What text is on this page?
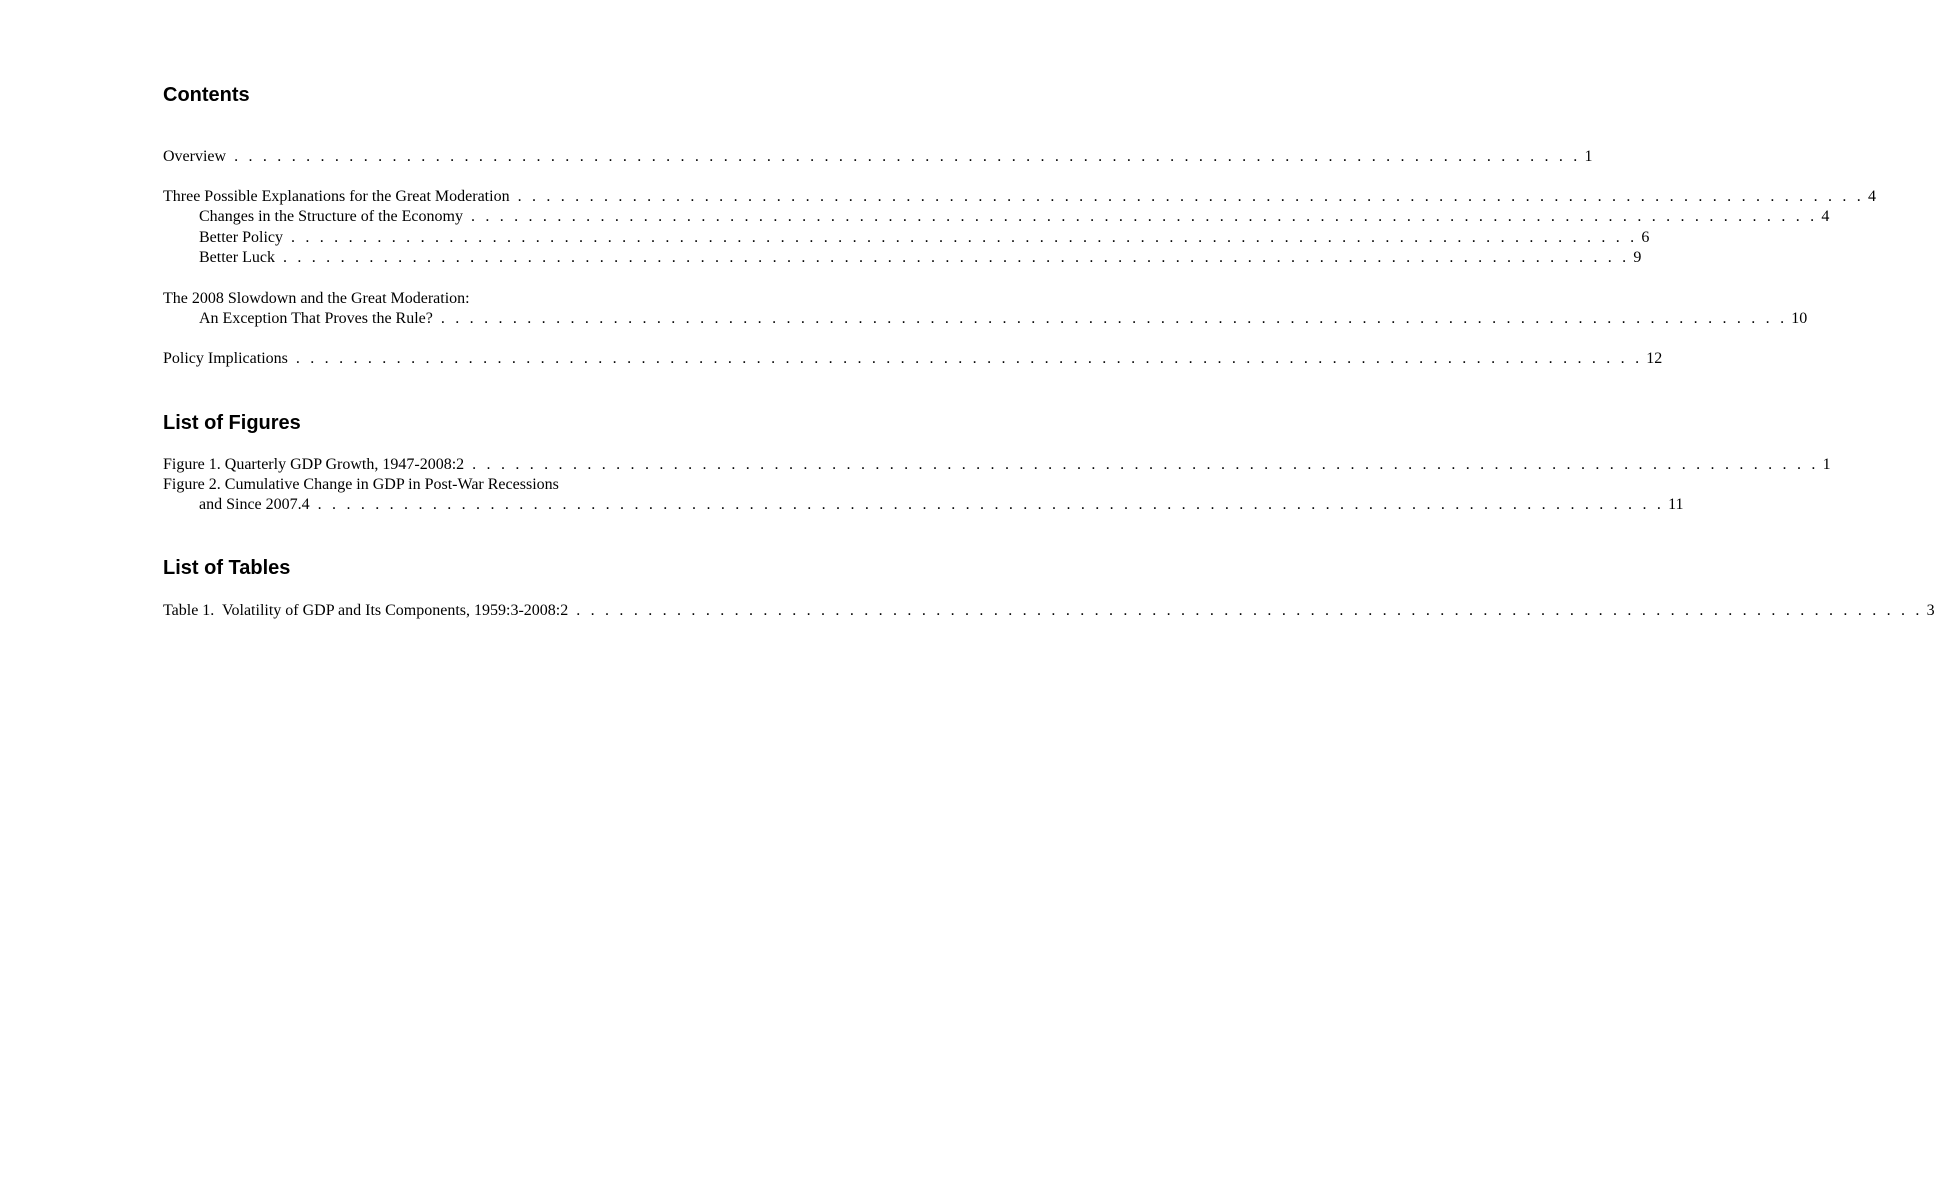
Contents
Overview . . . . . . . . . . . . . . . . . . . . . . . . . . . . . . . . . . . . . . . . . . . . . . . . . . . . . . . . . . . . . . . . . . . . . . . . . . . . . . . . . . . . . . . . . . . . . . 1
Three Possible Explanations for the Great Moderation . . . . . . . . . . . . . . . . . . . . . . . . . . . . . . . . . . . . . . . . . . . . . . . . . . . . . . . . . . . . . . . . . . . . . . . . . . . . . . . . . . . . . . . . . . . . . . 4
Changes in the Structure of the Economy . . . . . . . . . . . . . . . . . . . . . . . . . . . . . . . . . . . . . . . . . . . . . . . . . . . . . . . . . . . . . . . . . . . . . . . . . . . . . . . . . . . . . . . . . . . . . . 4
Better Policy . . . . . . . . . . . . . . . . . . . . . . . . . . . . . . . . . . . . . . . . . . . . . . . . . . . . . . . . . . . . . . . . . . . . . . . . . . . . . . . . . . . . . . . . . . . . . . 6
Better Luck . . . . . . . . . . . . . . . . . . . . . . . . . . . . . . . . . . . . . . . . . . . . . . . . . . . . . . . . . . . . . . . . . . . . . . . . . . . . . . . . . . . . . . . . . . . . . . 9
The 2008 Slowdown and the Great Moderation:
An Exception That Proves the Rule? . . . . . . . . . . . . . . . . . . . . . . . . . . . . . . . . . . . . . . . . . . . . . . . . . . . . . . . . . . . . . . . . . . . . . . . . . . . . . . . . . . . . . . . . . . . . . . 10
Policy Implications . . . . . . . . . . . . . . . . . . . . . . . . . . . . . . . . . . . . . . . . . . . . . . . . . . . . . . . . . . . . . . . . . . . . . . . . . . . . . . . . . . . . . . . . . . . . . . 12
List of Figures
Figure 1. Quarterly GDP Growth, 1947-2008:2 . . . . . . . . . . . . . . . . . . . . . . . . . . . . . . . . . . . . . . . . . . . . . . . . . . . . . . . . . . . . . . . . . . . . . . . . . . . . . . . . . . . . . . . . . . . . . . 1
Figure 2. Cumulative Change in GDP in Post-War Recessions
and Since 2007.4 . . . . . . . . . . . . . . . . . . . . . . . . . . . . . . . . . . . . . . . . . . . . . . . . . . . . . . . . . . . . . . . . . . . . . . . . . . . . . . . . . . . . . . . . . . . . . . 11
List of Tables
Table 1.  Volatility of GDP and Its Components, 1959:3-2008:2 . . . . . . . . . . . . . . . . . . . . . . . . . . . . . . . . . . . . . . . . . . . . . . . . . . . . . . . . . . . . . . . . . . . . . . . . . . . . . . . . . . . . . . . . . . . . . . 3
